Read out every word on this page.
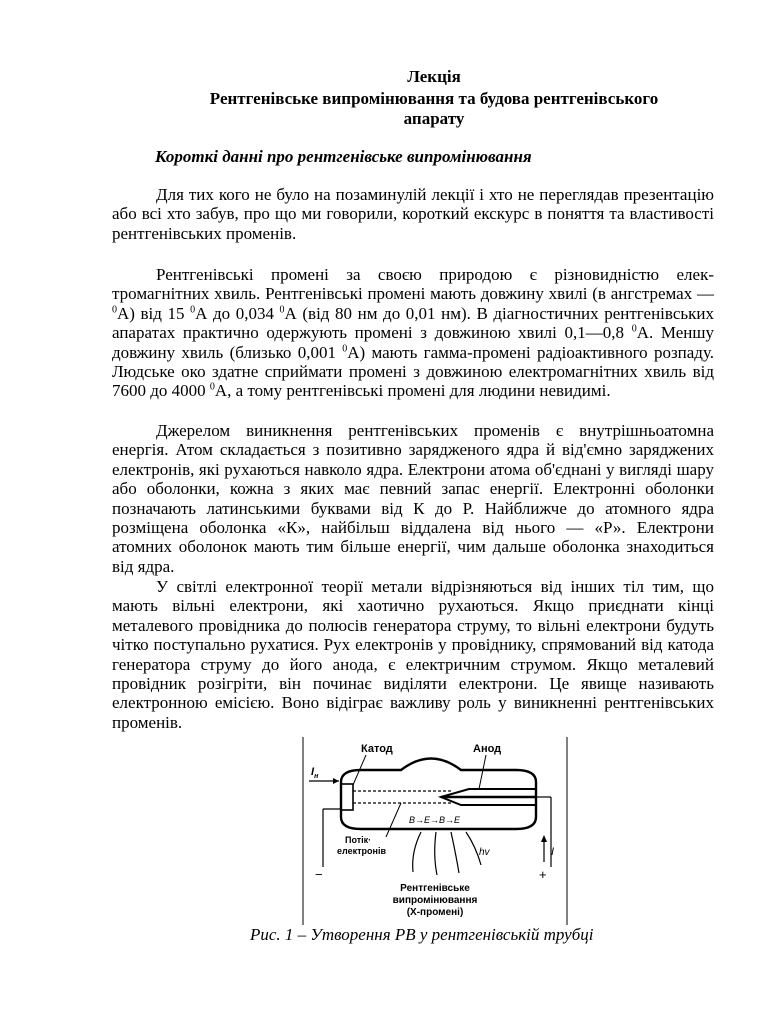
Лекція
Рентгенівське випромінювання та будова рентгенівського
апарату
Короткі данні про рентгенівське випромінювання

Для тих кого не було на позаминулій лекції і хто не переглядав презентацію або всі хто забув, про що ми говорили, короткий екскурс в поняття та властивості рентгенівських променів.

Рентгенівські промені за своєю природою є різновидністю елек-тромагнітних хвиль. Рентгенівські промені мають довжину хвилі (в ангстремах — $^0$А) від 15 $^0$А до 0,034 $^0$А (від 80 нм до 0,01 нм). В діагностичних рентгенівських апаратах практично одержують промені з довжиною хвилі 0,1—0,8 $^0$А. Меншу довжину хвиль (близько 0,001 $^0$А) мають гамма-промені радіоактивного розпаду. Людське око здатне сприймати промені з довжиною електромагнітних хвиль від 7600 до 4000 $^0$А, а тому рентгенівські промені для людини невидимі.

Джерелом виникнення рентгенівських променів є внутрішньоатомна енергія. Атом складається з позитивно зарядженого ядра й від'ємно заряджених електронів, які рухаються навколо ядра. Електрони атома об'єднані у вигляді шару або оболонки, кожна з яких має певний запас енергії. Електронні оболонки позначають латинськими буквами від К до Р. Найближче до атомного ядра розміщена оболонка «К», найбільш віддалена від нього — «Р». Електрони атомних оболонок мають тим більше енергії, чим дальше оболонка знаходиться від ядра.

У світлі електронної теорії метали відрізняються від інших тіл тим, що мають вільні електрони, які хаотично рухаються. Якщо приєднати кінці металевого провідника до полюсів генератора струму, то вільні електрони будуть чітко поступально рухатися. Рух електронів у провіднику, спрямований від катода генератора струму до його анода, є електричним струмом. Якщо металевий провідник розігріти, він починає виділяти електрони. Це явище називають електронною емісією. Воно відіграє важливу роль у виникненні рентгенівських променів.

Катод	Анод
$I_н$
−	+
I
В→Е→В→Е
Потік·
електронів	hv
Рентгенівське
випромінювання
(Х-промені)
Рис. 1 – Утворення РВ у рентгенівській трубці
